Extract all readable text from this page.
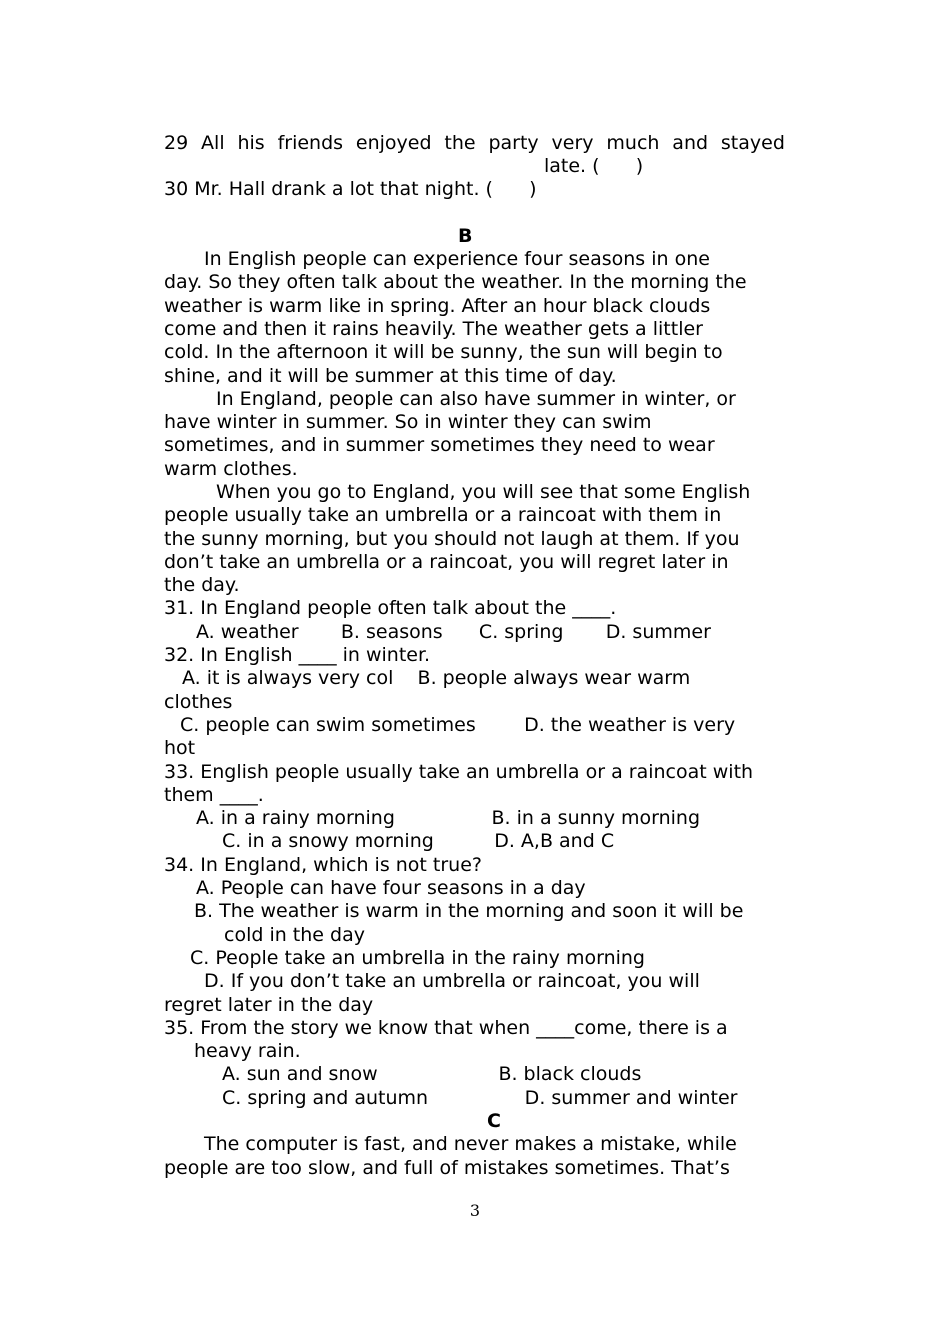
29 All his friends enjoyed the party very much and stayed
late. (      )
30 Mr. Hall drank a lot that night. (      )
B
In English people can experience four seasons in one
day. So they often talk about the weather. In the morning the
weather is warm like in spring. After an hour black clouds
come and then it rains heavily. The weather gets a littler
cold. In the afternoon it will be sunny, the sun will begin to
shine, and it will be summer at this time of day.
In England, people can also have summer in winter, or
have winter in summer. So in winter they can swim
sometimes, and in summer sometimes they need to wear
warm clothes.
When you go to England, you will see that some English
people usually take an umbrella or a raincoat with them in
the sunny morning, but you should not laugh at them. If you
don’t take an umbrella or a raincoat, you will regret later in
the day.
31. In England people often talk about the ____.
A. weather       B. seasons      C. spring       D. summer
32. In English ____ in winter.
A. it is always very col    B. people always wear warm
clothes
C. people can swim sometimes        D. the weather is very
hot
33. English people usually take an umbrella or a raincoat with
them ____.
A. in a rainy morning                B. in a sunny morning
C. in a snowy morning          D. A,B and C
34. In England, which is not true?
A. People can have four seasons in a day
B. The weather is warm in the morning and soon it will be
cold in the day
C. People take an umbrella in the rainy morning
D. If you don’t take an umbrella or raincoat, you will
regret later in the day
35. From the story we know that when ____come, there is a
heavy rain.
A. sun and snow                    B. black clouds
C. spring and autumn                D. summer and winter
C
The computer is fast, and never makes a mistake, while
people are too slow, and full of mistakes sometimes. That’s
3
